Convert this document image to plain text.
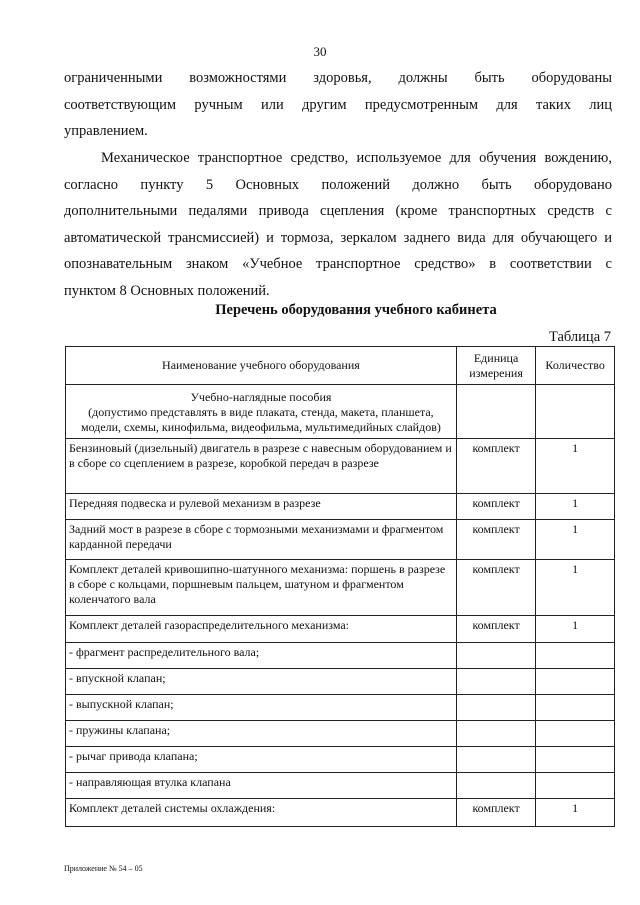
30

ограниченными возможностями здоровья, должны быть оборудованы
соответствующим ручным или другим предусмотренным для таких лиц
управлением.

Механическое транспортное средство, используемое для обучения вождению,
согласно пункту 5 Основных положений должно быть оборудовано
дополнительными педалями привода сцепления (кроме транспортных средств с
автоматической трансмиссией) и тормоза, зеркалом заднего вида для обучающего и
опознавательным знаком «Учебное транспортное средство» в соответствии с
пунктом 8 Основных положений.

Перечень оборудования учебного кабинета
Таблица 7
Наименование учебного оборудования	Единица измерения	Количество

Учебно-наглядные пособия
(допустимо представлять в виде плаката, стенда, макета, планшета, модели, схемы, кинофильма, видеофильма, мультимедийных слайдов)		

Бензиновый (дизельный) двигатель в разрезе с навесным оборудованием и в сборе со сцеплением в разрезе, коробкой передач в разрезе	комплект	1
Передняя подвеска и рулевой механизм в разрезе	комплект	1
Задний мост в разрезе в сборе с тормозными механизмами и фрагментом карданной передачи	комплект	1
Комплект деталей кривошипно-шатунного механизма: поршень в разрезе в сборе с кольцами, поршневым пальцем, шатуном и фрагментом коленчатого вала	комплект	1
Комплект деталей газораспределительного механизма:	комплект	1
- фрагмент распределительного вала;		
- впускной клапан;		
- выпускной клапан;		
- пружины клапана;		
- рычаг привода клапана;		
- направляющая втулка клапана		
Комплект деталей системы охлаждения:	комплект	1
Приложение № 54 – 05
